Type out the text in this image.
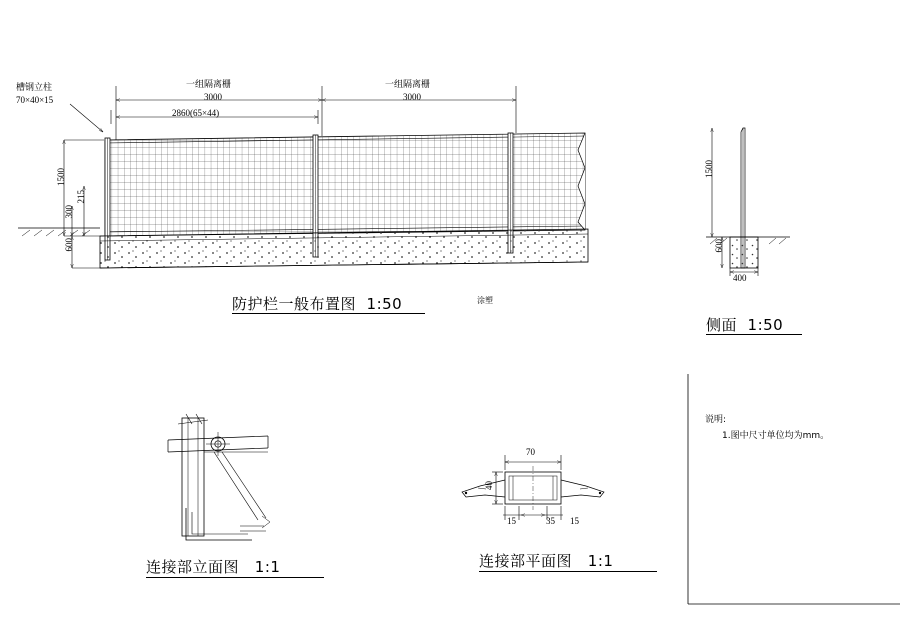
槽钢立柱
70×40×15
一组隔离栅
3000
一组隔离栅
3000
2860(65×44)
1500
215
300
600
防护栏一般布置图  1:50	涂塑
1500
600
400
侧面  1:50
说明:
1.图中尺寸单位均为mm。
连接部立面图   1:1
70
40
15	35 15
连接部平面图   1:1
